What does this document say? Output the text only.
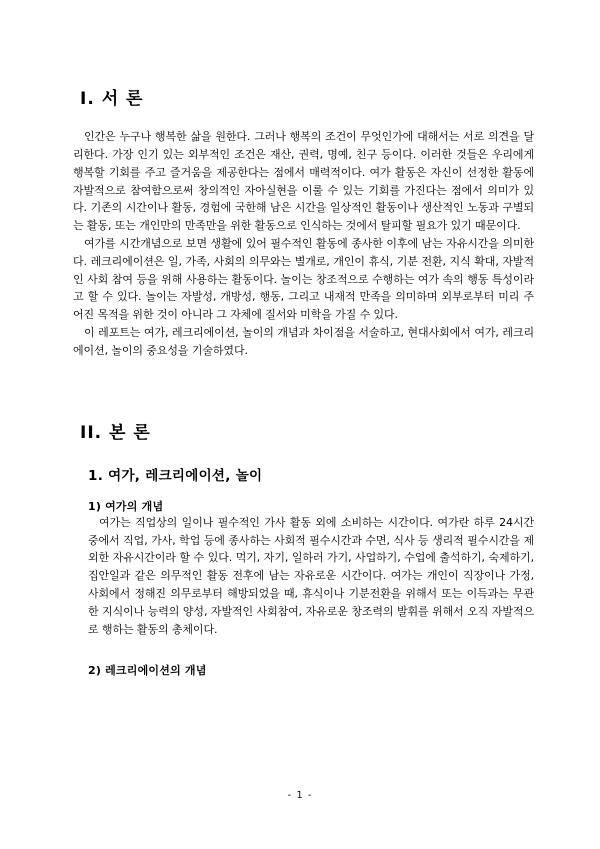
I. 서 론

인간은 누구나 행복한 삶을 원한다. 그러나 행복의 조건이 무엇인가에 대해서는 서로 의견을 달리한다. 가장 인기 있는 외부적인 조건은 재산, 권력, 명예, 친구 등이다. 이러한 것들은 우리에게 행복할 기회를 주고 즐거움을 제공한다는 점에서 매력적이다. 여가 활동은 자신이 선정한 활동에 자발적으로 참여함으로써 창의적인 자아실현을 이룰 수 있는 기회를 가진다는 점에서 의미가 있다. 기존의 시간이나 활동, 경험에 국한해 남은 시간을 일상적인 활동이나 생산적인 노동과 구별되는 활동, 또는 개인만의 만족만을 위한 활동으로 인식하는 것에서 탈피할 필요가 있기 때문이다.

여가를 시간개념으로 보면 생활에 있어 필수적인 활동에 종사한 이후에 남는 자유시간을 의미한다. 레크리에이션은 일, 가족, 사회의 의무와는 별개로, 개인이 휴식, 기분 전환, 지식 확대, 자발적인 사회 참여 등을 위해 사용하는 활동이다. 놀이는 창조적으로 수행하는 여가 속의 행동 특성이라고 할 수 있다. 놀이는 자발성, 개방성, 행동, 그리고 내재적 만족을 의미하며 외부로부터 미리 주어진 목적을 위한 것이 아니라 그 자체에 질서와 미학을 가질 수 있다.

이 레포트는 여가, 레크리에이션, 놀이의 개념과 차이점을 서술하고, 현대사회에서 여가, 레크리에이션, 놀이의 중요성을 기술하였다.

II. 본 론
1. 여가, 레크리에이션, 놀이
1) 여가의 개념

여가는 직업상의 일이나 필수적인 가사 활동 외에 소비하는 시간이다. 여가란 하루 24시간 중에서 직업, 가사, 학업 등에 종사하는 사회적 필수시간과 수면, 식사 등 생리적 필수시간을 제외한 자유시간이라 할 수 있다. 먹기, 자기, 일하러 가기, 사업하기, 수업에 출석하기, 숙제하기, 집안일과 같은 의무적인 활동 전후에 남는 자유로운 시간이다. 여가는 개인이 직장이나 가정, 사회에서 정해진 의무로부터 해방되었을 때, 휴식이나 기분전환을 위해서 또는 이득과는 무관한 지식이나 능력의 양성, 자발적인 사회참여, 자유로운 창조력의 발휘를 위해서 오직 자발적으로 행하는 활동의 총체이다.

2) 레크리에이션의 개념
- 1 -
